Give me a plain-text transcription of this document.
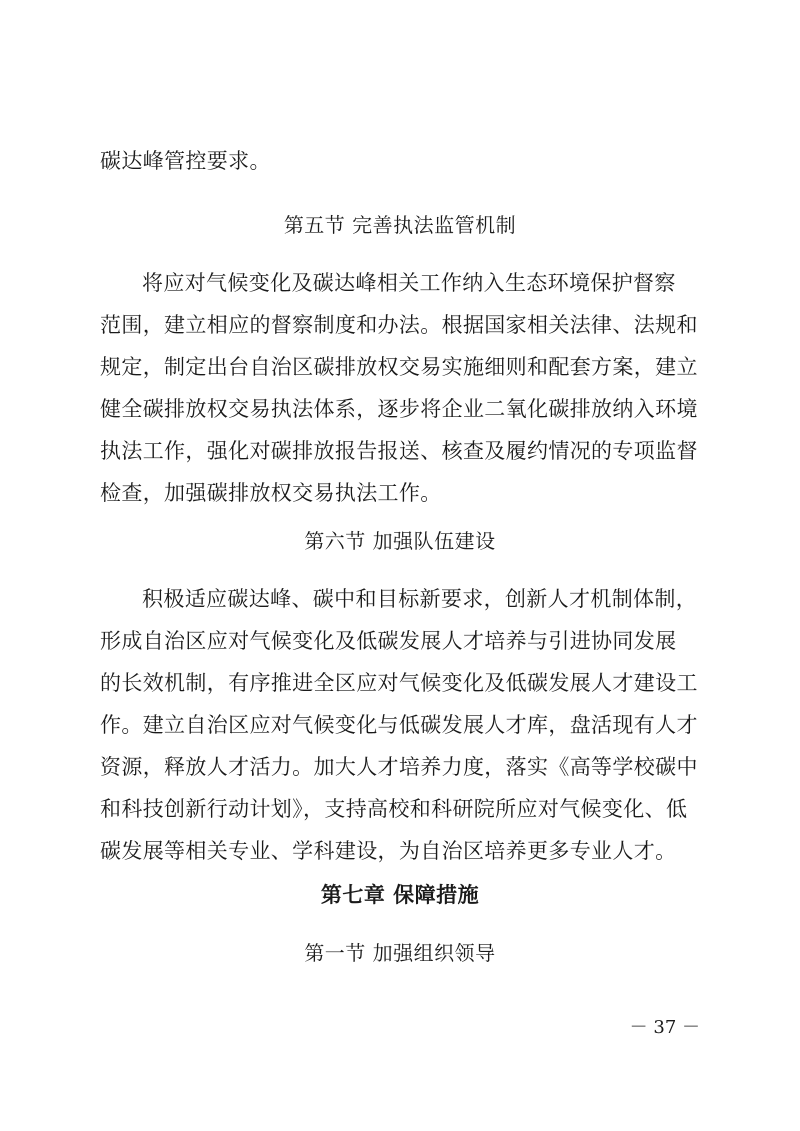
碳达峰管控要求。
第五节 完善执法监管机制
将应对气候变化及碳达峰相关工作纳入生态环境保护督察
范围，建立相应的督察制度和办法。根据国家相关法律、法规和
规定，制定出台自治区碳排放权交易实施细则和配套方案，建立
健全碳排放权交易执法体系，逐步将企业二氧化碳排放纳入环境
执法工作，强化对碳排放报告报送、核查及履约情况的专项监督
检查，加强碳排放权交易执法工作。
第六节 加强队伍建设
积极适应碳达峰、碳中和目标新要求，创新人才机制体制，
形成自治区应对气候变化及低碳发展人才培养与引进协同发展
的长效机制，有序推进全区应对气候变化及低碳发展人才建设工
作。建立自治区应对气候变化与低碳发展人才库，盘活现有人才
资源，释放人才活力。加大人才培养力度，落实《高等学校碳中
和科技创新行动计划》，支持高校和科研院所应对气候变化、低
碳发展等相关专业、学科建设，为自治区培养更多专业人才。
第七章 保障措施
第一节 加强组织领导
－ 37 －
